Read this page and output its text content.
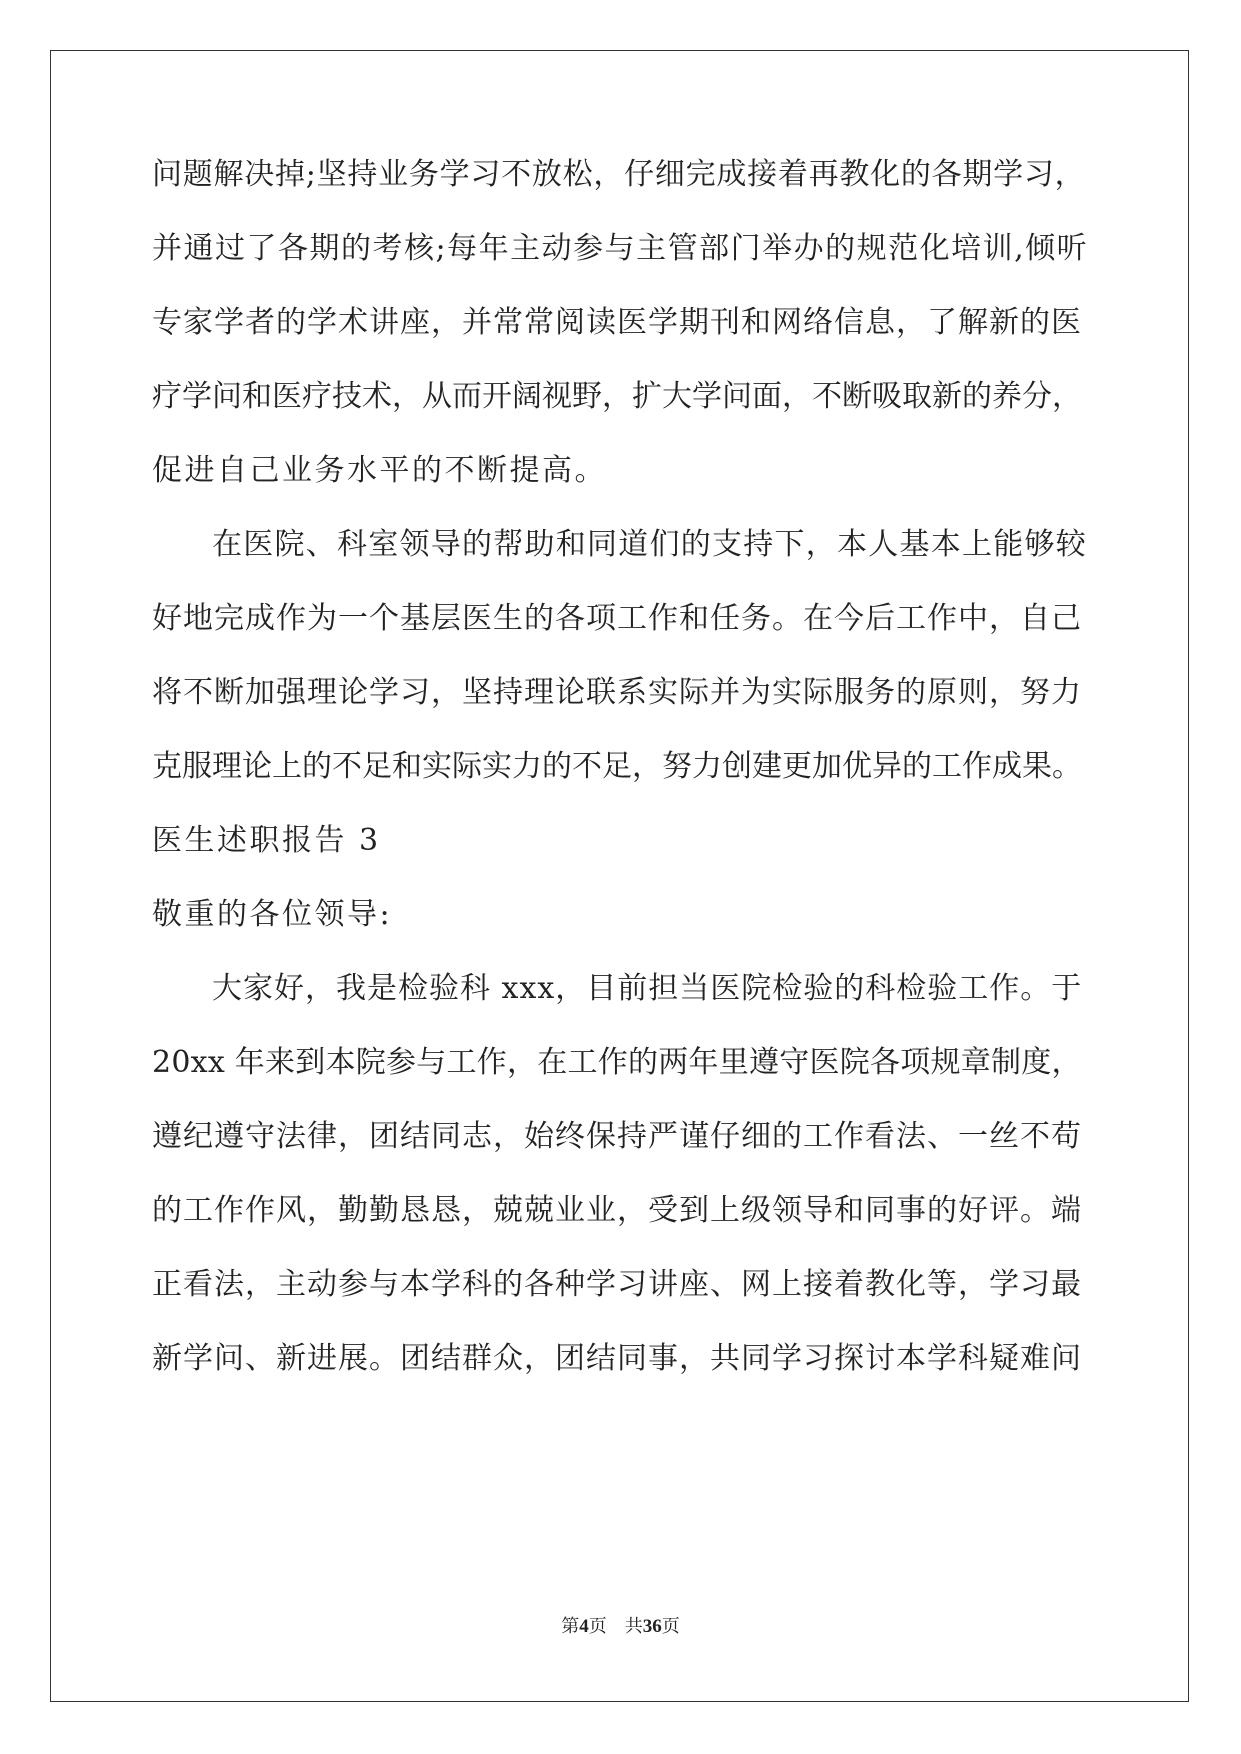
问题解决掉;坚持业务学习不放松，仔细完成接着再教化的各期学习，

并通过了各期的考核;每年主动参与主管部门举办的规范化培训,倾听

专家学者的学术讲座，并常常阅读医学期刊和网络信息，了解新的医

疗学问和医疗技术，从而开阔视野，扩大学问面，不断吸取新的养分，

促进自己业务水平的不断提高。

在医院、科室领导的帮助和同道们的支持下，本人基本上能够较

好地完成作为一个基层医生的各项工作和任务。在今后工作中，自己

将不断加强理论学习，坚持理论联系实际并为实际服务的原则，努力

克服理论上的不足和实际实力的不足，努力创建更加优异的工作成果。

医生述职报告 3

敬重的各位领导:

大家好，我是检验科 xxx，目前担当医院检验的科检验工作。于

20xx 年来到本院参与工作，在工作的两年里遵守医院各项规章制度，

遵纪遵守法律，团结同志，始终保持严谨仔细的工作看法、一丝不苟

的工作作风，勤勤恳恳，兢兢业业，受到上级领导和同事的好评。端

正看法，主动参与本学科的各种学习讲座、网上接着教化等，学习最

新学问、新进展。团结群众，团结同事，共同学习探讨本学科疑难问

第4页 共36页
